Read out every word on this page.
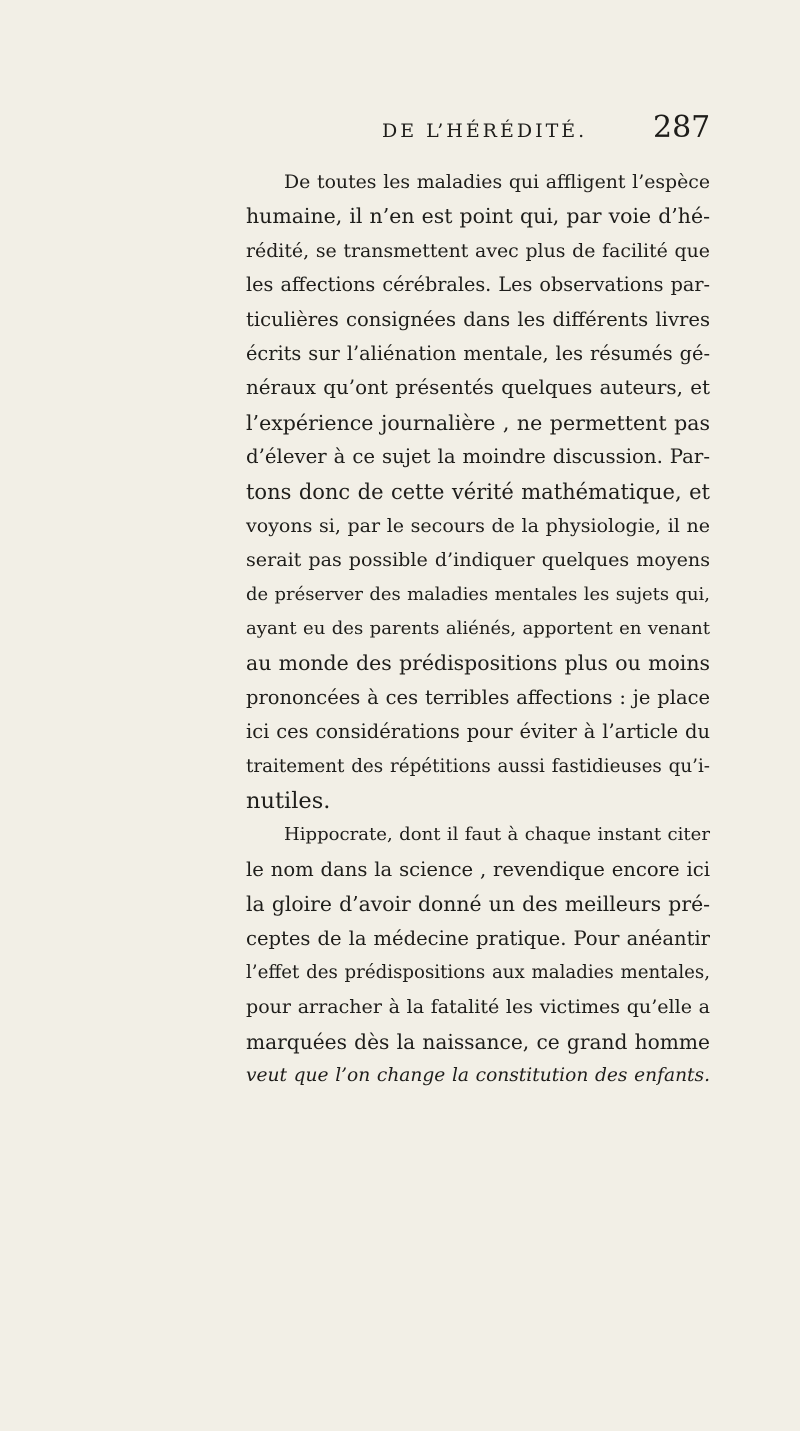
DE L’HÉRÉDITÉ. 287
De toutes les maladies qui affligent l’espèce
humaine, il n’en est point qui, par voie d’hé-
rédité, se transmettent avec plus de facilité que
les affections cérébrales. Les observations par-
ticulières consignées dans les différents livres
écrits sur l’aliénation mentale, les résumés gé-
néraux qu’ont présentés quelques auteurs, et
l’expérience journalière , ne permettent pas
d’élever à ce sujet la moindre discussion. Par-
tons donc de cette vérité mathématique, et
voyons si, par le secours de la physiologie, il ne
serait pas possible d’indiquer quelques moyens
de préserver des maladies mentales les sujets qui,
ayant eu des parents aliénés, apportent en venant
au monde des prédispositions plus ou moins
prononcées à ces terribles affections : je place
ici ces considérations pour éviter à l’article du
traitement des répétitions aussi fastidieuses qu’i-
nutiles.
Hippocrate, dont il faut à chaque instant citer
le nom dans la science , revendique encore ici
la gloire d’avoir donné un des meilleurs pré-
ceptes de la médecine pratique. Pour anéantir
l’effet des prédispositions aux maladies mentales,
pour arracher à la fatalité les victimes qu’elle a
marquées dès la naissance, ce grand homme
veut que l’on change la constitution des enfants.
